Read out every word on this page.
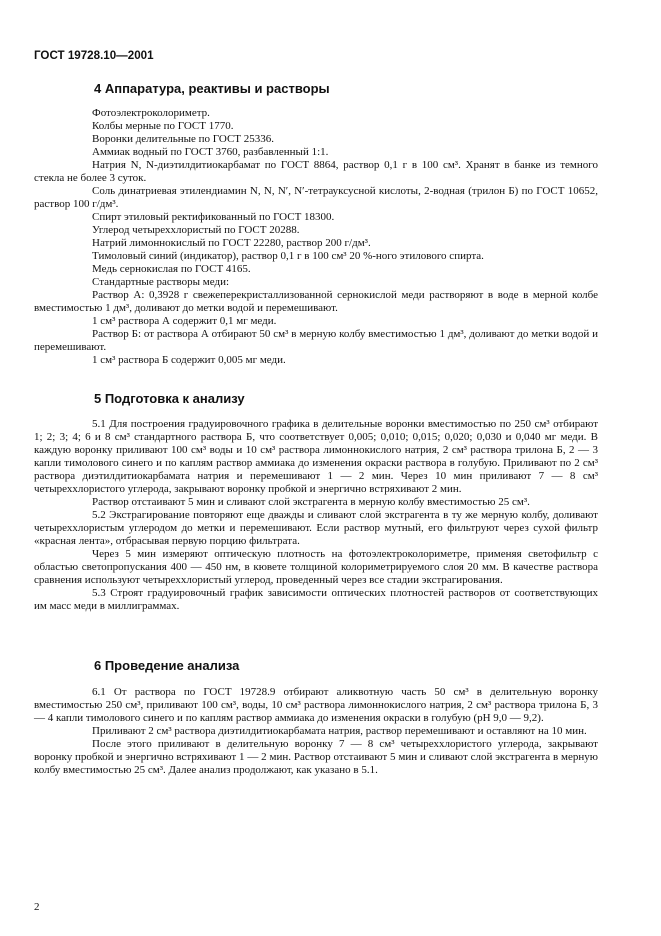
ГОСТ 19728.10—2001
4 Аппаратура, реактивы и растворы

Фотоэлектроколориметр.

Колбы мерные по ГОСТ 1770.

Воронки делительные по ГОСТ 25336.

Аммиак водный по ГОСТ 3760, разбавленный 1:1.

Натрия N, N-диэтилдитиокарбамат по ГОСТ 8864, раствор 0,1 г в 100 см³. Хранят в банке из темного стекла не более 3 суток.

Соль динатриевая этилендиамин N, N, N′, N′-тетрауксусной кислоты, 2-водная (трилон Б) по ГОСТ 10652, раствор 100 г/дм³.

Спирт этиловый ректификованный по ГОСТ 18300.

Углерод четыреххлористый по ГОСТ 20288.

Натрий лимоннокислый по ГОСТ 22280, раствор 200 г/дм³.

Тимоловый синий (индикатор), раствор 0,1 г в 100 см³ 20 %-ного этилового спирта.

Медь сернокислая по ГОСТ 4165.

Стандартные растворы меди:

Раствор А: 0,3928 г свежеперекристаллизованной сернокислой меди растворяют в воде в мерной колбе вместимостью 1 дм³, доливают до метки водой и перемешивают.

1 см³ раствора А содержит 0,1 мг меди.

Раствор Б: от раствора А отбирают 50 см³ в мерную колбу вместимостью 1 дм³, доливают до метки водой и перемешивают.

1 см³ раствора Б содержит 0,005 мг меди.

5 Подготовка к анализу

5.1 Для построения градуировочного графика в делительные воронки вместимостью по 250 см³ отбирают 1; 2; 3; 4; 6 и 8 см³ стандартного раствора Б, что соответствует 0,005; 0,010; 0,015; 0,020; 0,030 и 0,040 мг меди. В каждую воронку приливают 100 см³ воды и 10 см³ раствора лимоннокислого натрия, 2 см³ раствора трилона Б, 2 — 3 капли тимолового синего и по каплям раствор аммиака до изменения окраски раствора в голубую. Приливают по 2 см³ раствора диэтилдитиокарбамата натрия и перемешивают 1 — 2 мин. Через 10 мин приливают 7 — 8 см³ четыреххлористого углерода, закрывают воронку пробкой и энергично встряхивают 2 мин.

Раствор отстаивают 5 мин и сливают слой экстрагента в мерную колбу вместимостью 25 см³.

5.2 Экстрагирование повторяют еще дважды и сливают слой экстрагента в ту же мерную колбу, доливают четыреххлористым углеродом до метки и перемешивают. Если раствор мутный, его фильтруют через сухой фильтр «красная лента», отбрасывая первую порцию фильтрата.

Через 5 мин измеряют оптическую плотность на фотоэлектроколориметре, применяя светофильтр с областью светопропускания 400 — 450 нм, в кювете толщиной колориметрируемого слоя 20 мм. В качестве раствора сравнения используют четыреххлористый углерод, проведенный через все стадии экстрагирования.

5.3 Строят градуировочный график зависимости оптических плотностей растворов от соответствующих им масс меди в миллиграммах.

6 Проведение анализа

6.1 От раствора по ГОСТ 19728.9 отбирают аликвотную часть 50 см³ в делительную воронку вместимостью 250 см³, приливают 100 см³, воды, 10 см³ раствора лимоннокислого натрия, 2 см³ раствора трилона Б, 3 — 4 капли тимолового синего и по каплям раствор аммиака до изменения окраски в голубую (рН 9,0 — 9,2).

Приливают 2 см³ раствора диэтилдитиокарбамата натрия, раствор перемешивают и оставляют на 10 мин.

После этого приливают в делительную воронку 7 — 8 см³ четыреххлористого углерода, закрывают воронку пробкой и энергично встряхивают 1 — 2 мин. Раствор отстаивают 5 мин и сливают слой экстрагента в мерную колбу вместимостью 25 см³. Далее анализ продолжают, как указано в 5.1.

2
